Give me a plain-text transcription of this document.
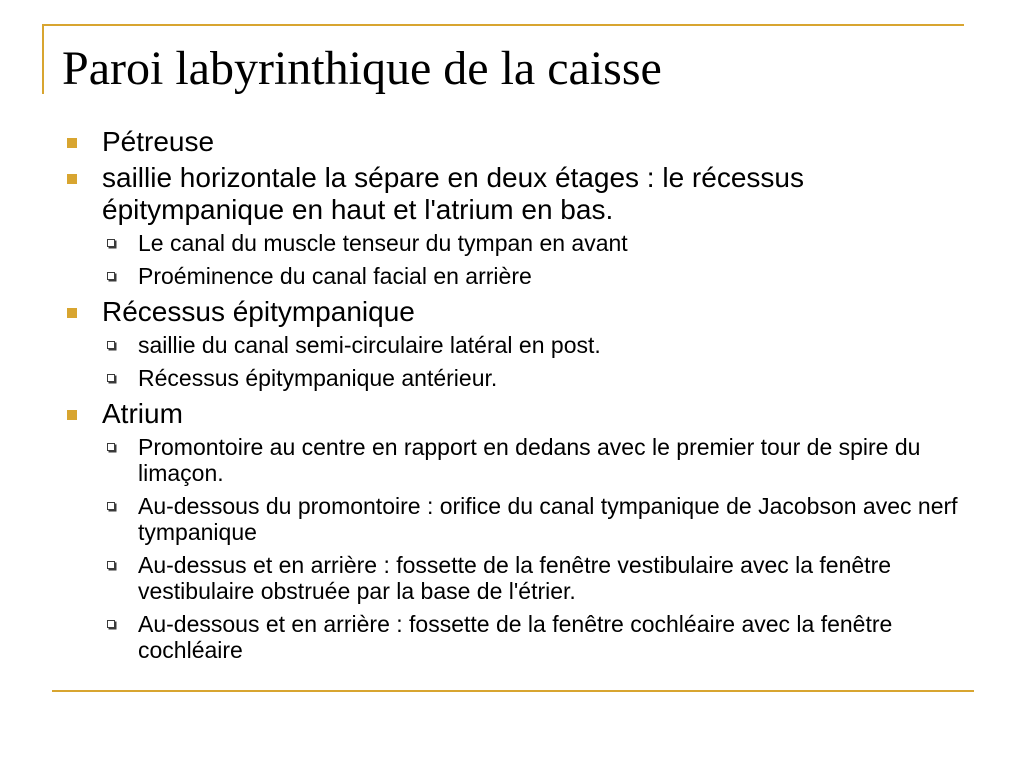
Paroi labyrinthique de la caisse
Pétreuse
saillie horizontale la sépare en deux étages : le récessus épitympanique en haut et l'atrium en bas.
Le canal du muscle tenseur du tympan en avant
Proéminence du canal facial en arrière
Récessus épitympanique
saillie du canal semi-circulaire latéral en post.
Récessus épitympanique antérieur.
Atrium
Promontoire au centre en rapport en dedans avec le premier tour de spire du limaçon.
Au-dessous du promontoire : orifice du canal tympanique de Jacobson avec nerf tympanique
Au-dessus et en arrière : fossette de la fenêtre vestibulaire avec la fenêtre vestibulaire obstruée par la base de l'étrier.
Au-dessous et en arrière : fossette de la fenêtre cochléaire avec la fenêtre cochléaire
